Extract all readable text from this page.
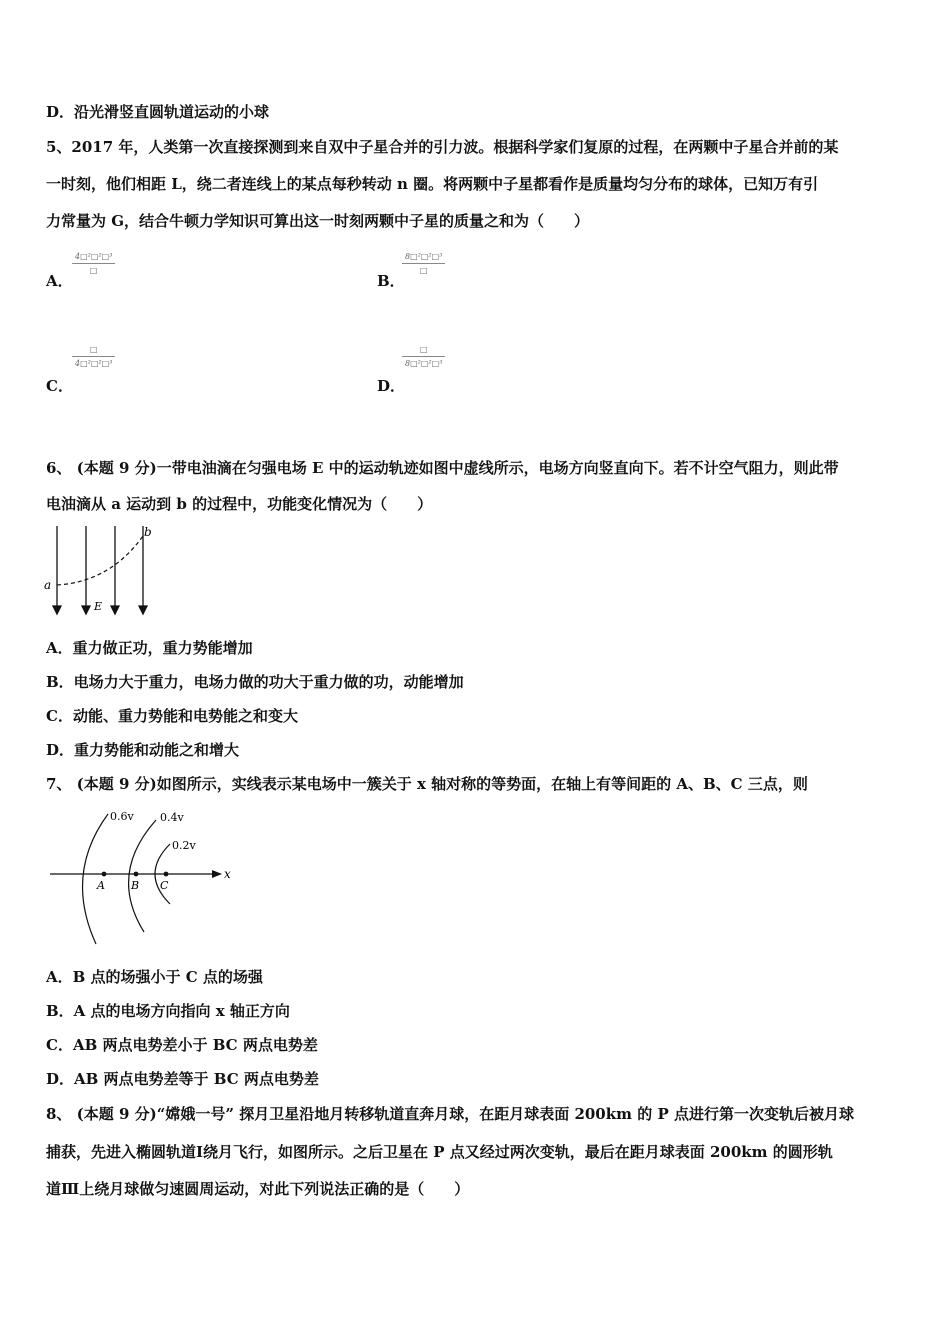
D．沿光滑竖直圆轨道运动的小球
5、2017 年，人类第一次直接探测到来自双中子星合并的引力波。根据科学家们复原的过程，在两颗中子星合并前的某
一时刻，他们相距 L，绕二者连线上的某点每秒转动 n 圈。将两颗中子星都看作是质量均匀分布的球体，已知万有引
力常量为 G，结合牛顿力学知识可算出这一时刻两颗中子星的质量之和为（　　）
A．
4□²□²□³
□
B．
8□²□²□³
□
C．
□
4□²□²□³
D．
□
8□²□²□³
6、 (本题 9 分)一带电油滴在匀强电场 E 中的运动轨迹如图中虚线所示，电场方向竖直向下。若不计空气阻力，则此带
电油滴从 a 运动到 b 的过程中，功能变化情况为（　　）
a
b
E
A．重力做正功，重力势能增加
B．电场力大于重力，电场力做的功大于重力做的功，动能增加
C．动能、重力势能和电势能之和变大
D．重力势能和动能之和增大
7、 (本题 9 分)如图所示，实线表示某电场中一簇关于 x 轴对称的等势面，在轴上有等间距的 A、B、C 三点，则
0.6v 0.4v
0.2v
A B C
x
A．B 点的场强小于 C 点的场强
B．A 点的电场方向指向 x 轴正方向
C．AB 两点电势差小于 BC 两点电势差
D．AB 两点电势差等于 BC 两点电势差
8、 (本题 9 分)“嫦娥一号” 探月卫星沿地月转移轨道直奔月球，在距月球表面 200km 的 P 点进行第一次变轨后被月球
捕获，先进入椭圆轨道Ⅰ绕月飞行，如图所示。之后卫星在 P 点又经过两次变轨，最后在距月球表面 200km 的圆形轨
道Ⅲ上绕月球做匀速圆周运动，对此下列说法正确的是（　　）
